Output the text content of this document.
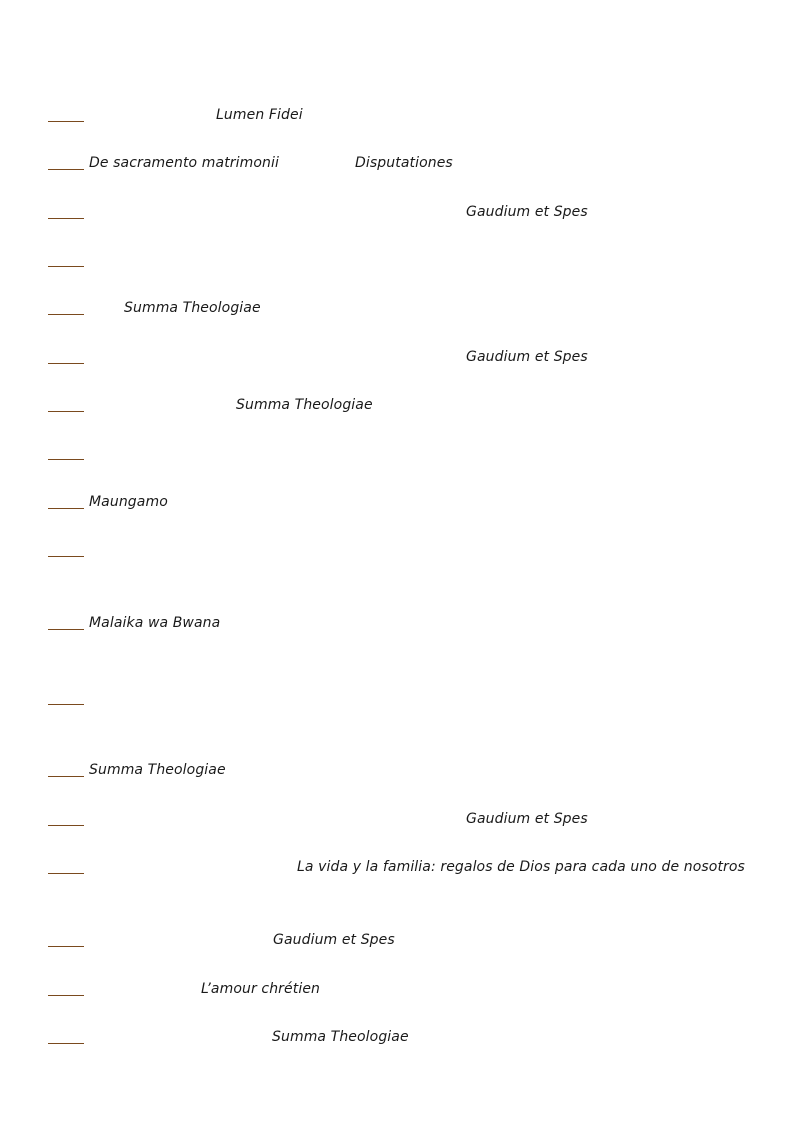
Lumen Fidei
De sacramento matrimonii	Disputationes
Gaudium et Spes
Summa Theologiae
Gaudium et Spes
Summa Theologiae
Maungamo
Malaika wa Bwana
Summa Theologiae
Gaudium et Spes
La vida y la familia: regalos de Dios para cada uno de nosotros
Gaudium et Spes
L’amour chrétien
Summa Theologiae
